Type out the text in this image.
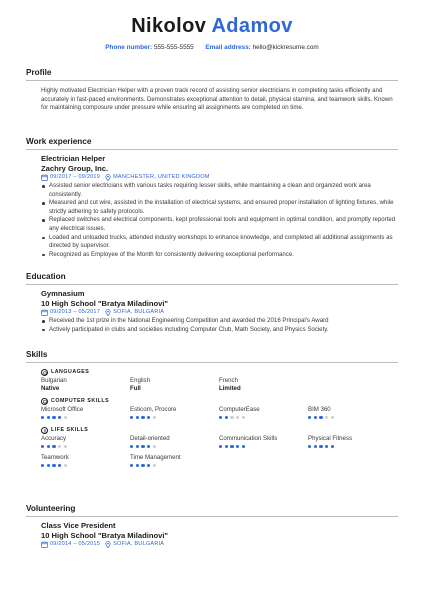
Nikolov Adamov
Phone number: 555-555-5555 Email address: hello@kickresume.com
Profile
Highly motivated Electrician Helper with a proven track record of assisting senior electricians in completing tasks efficiently and accurately in fast-paced environments. Demonstrates exceptional attention to detail, physical stamina, and teamwork skills. Known for maintaining composure under pressure while ensuring all assignments are completed on time.
Work experience
Electrician Helper
Zachry Group, Inc.
09/2017 – 09/2019 MANCHESTER, UNITED KINGDOM
Assisted senior electricians with various tasks requiring lesser skills, while maintaining a clean and organized work area consistently.
Measured and cut wire, assisted in the installation of electrical systems, and ensured proper installation of lighting fixtures, while strictly adhering to safety protocols.
Replaced switches and electrical components, kept professional tools and equipment in optimal condition, and promptly reported any electrical issues.
Loaded and unloaded trucks, attended industry workshops to enhance knowledge, and completed all additional assignments as directed by supervisor.
Recognized as Employee of the Month for consistently delivering exceptional performance.
Education
Gymnasium
10 High School "Bratya Miladinovi"
09/2013 – 05/2017 SOFIA, BULGARIA
Received the 1st prize in the National Engineering Competition and awarded the 2016 Principal's Award
Actively participated in clubs and societies including Computer Club, Math Society, and Physics Society.
Skills
LANGUAGES
Bulgarian
Native
English
Full
French
Limited
COMPUTER SKILLS
Microsoft Office	Esticom, Procore	ComputerEase	BIM 360
LIFE SKILLS
Accuracy	Detail-oriented	Communication Skills	Physical Fitness
Teamwork	Time Management
Volunteering
Class Vice President
10 High School "Bratya Miladinovi"
09/2014 – 05/2015 SOFIA, BULGARIA
